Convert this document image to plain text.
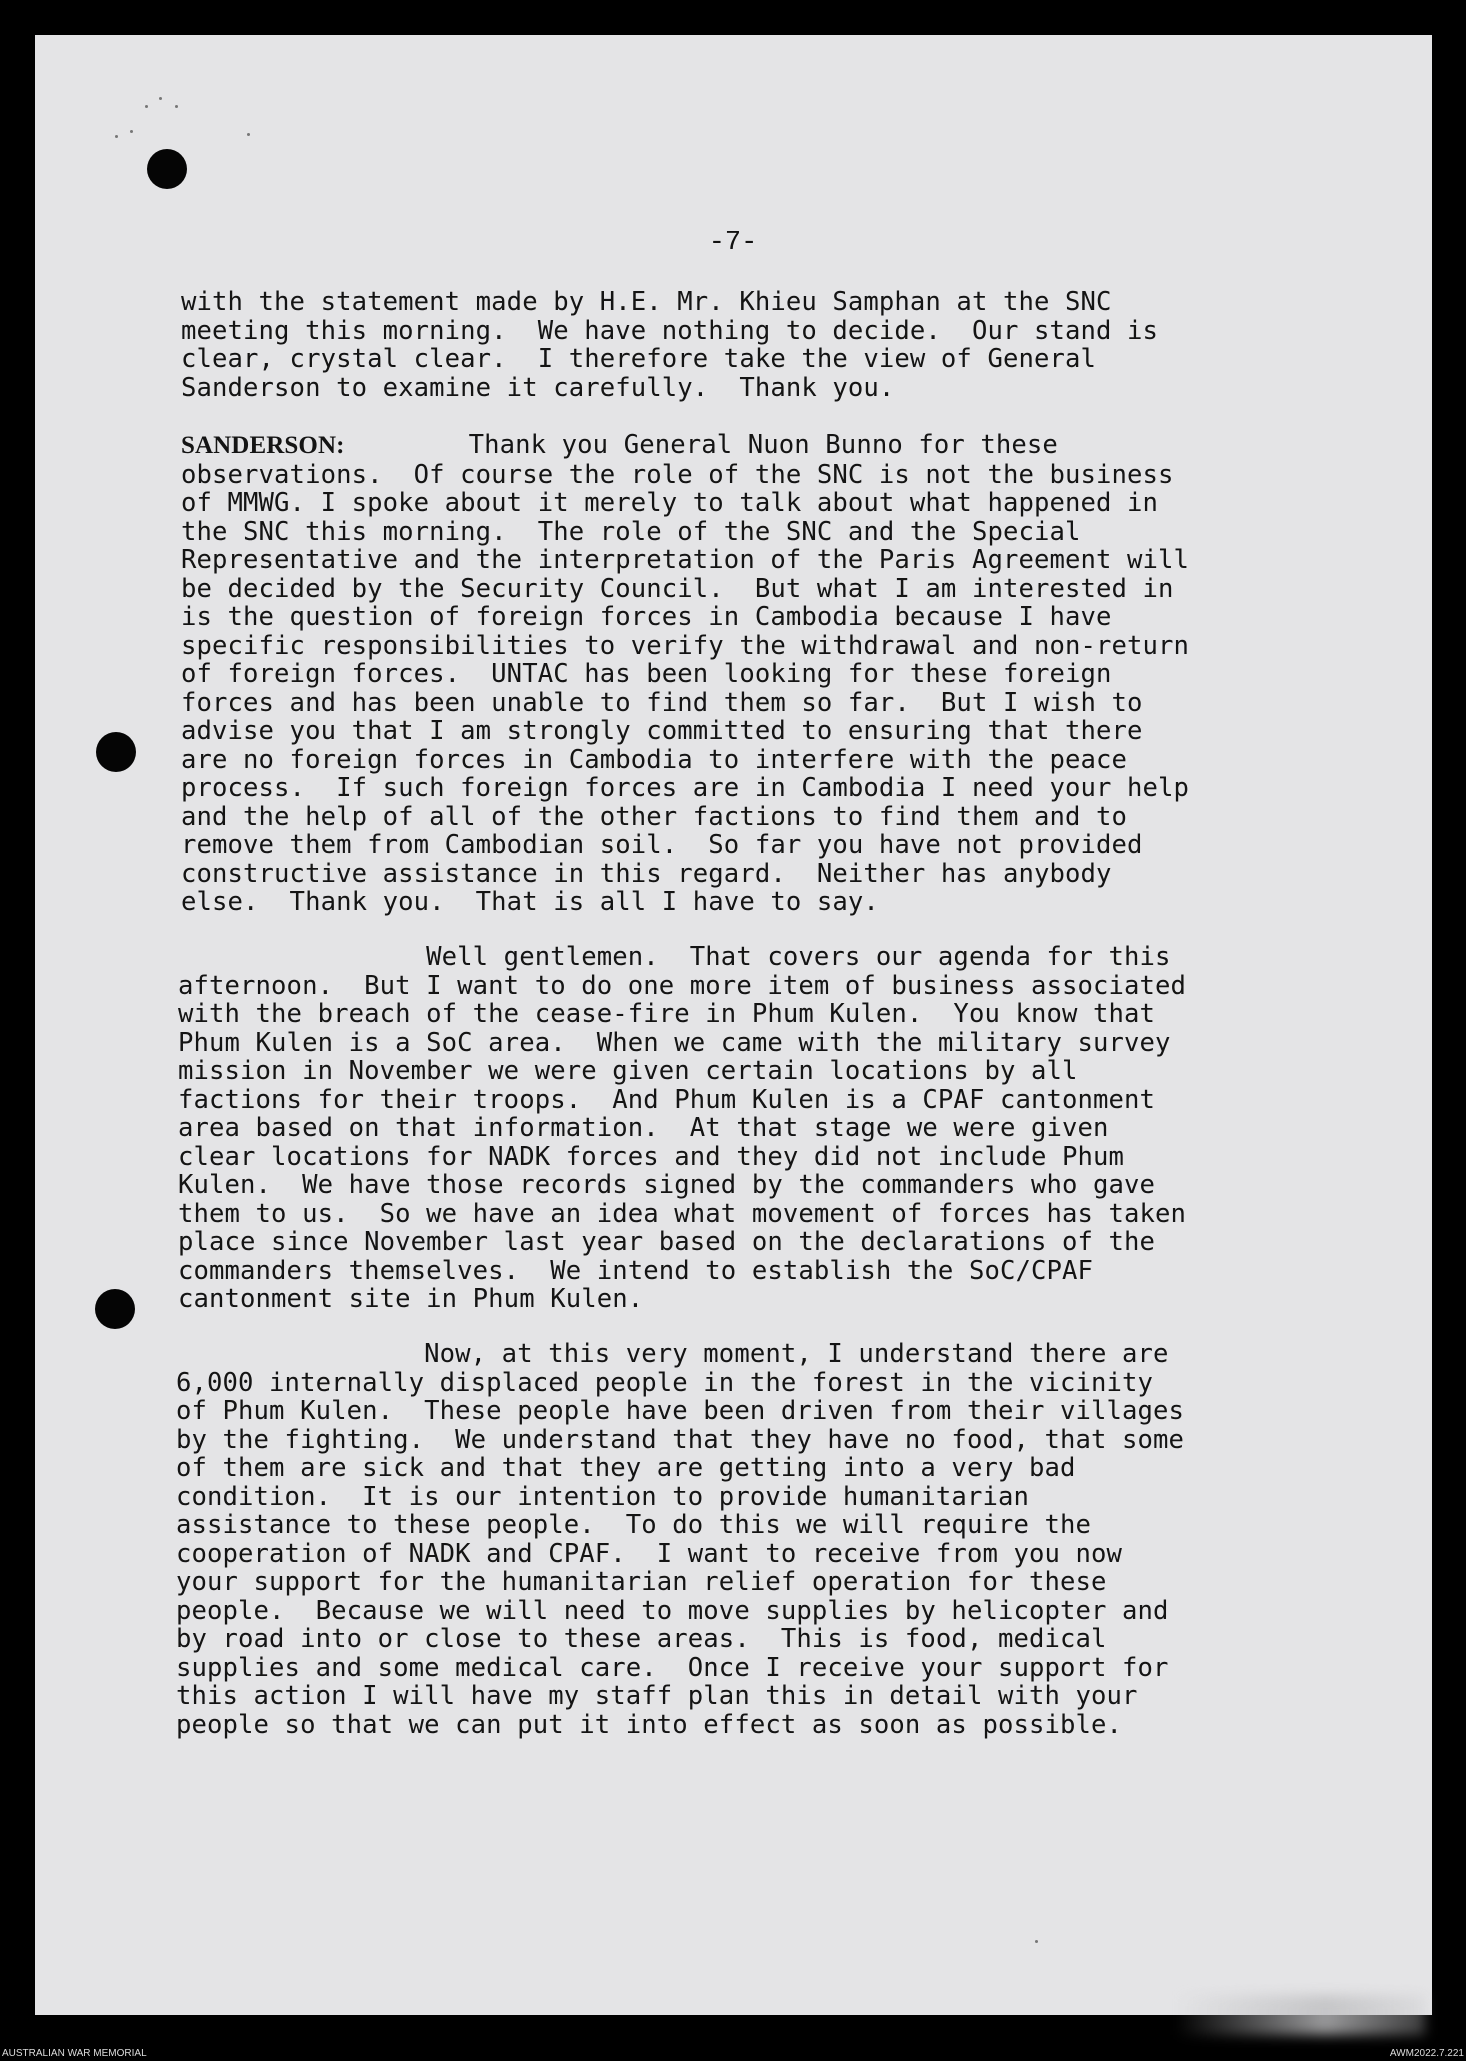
-7-
with the statement made by H.E. Mr. Khieu Samphan at the SNC
meeting this morning.  We have nothing to decide.  Our stand is
clear, crystal clear.  I therefore take the view of General
Sanderson to examine it carefully.  Thank you.
SANDERSON:	Thank you General Nuon Bunno for these
observations.  Of course the role of the SNC is not the business
of MMWG. I spoke about it merely to talk about what happened in
the SNC this morning.  The role of the SNC and the Special
Representative and the interpretation of the Paris Agreement will
be decided by the Security Council.  But what I am interested in
is the question of foreign forces in Cambodia because I have
specific responsibilities to verify the withdrawal and non-return
of foreign forces.  UNTAC has been looking for these foreign
forces and has been unable to find them so far.  But I wish to
advise you that I am strongly committed to ensuring that there
are no foreign forces in Cambodia to interfere with the peace
process.  If such foreign forces are in Cambodia I need your help
and the help of all of the other factions to find them and to
remove them from Cambodian soil.  So far you have not provided
constructive assistance in this regard.  Neither has anybody
else.  Thank you.  That is all I have to say.
Well gentlemen.  That covers our agenda for this
afternoon.  But I want to do one more item of business associated
with the breach of the cease-fire in Phum Kulen.  You know that
Phum Kulen is a SoC area.  When we came with the military survey
mission in November we were given certain locations by all
factions for their troops.  And Phum Kulen is a CPAF cantonment
area based on that information.  At that stage we were given
clear locations for NADK forces and they did not include Phum
Kulen.  We have those records signed by the commanders who gave
them to us.  So we have an idea what movement of forces has taken
place since November last year based on the declarations of the
commanders themselves.  We intend to establish the SoC/CPAF
cantonment site in Phum Kulen.
Now, at this very moment, I understand there are
6,000 internally displaced people in the forest in the vicinity
of Phum Kulen.  These people have been driven from their villages
by the fighting.  We understand that they have no food, that some
of them are sick and that they are getting into a very bad
condition.  It is our intention to provide humanitarian
assistance to these people.  To do this we will require the
cooperation of NADK and CPAF.  I want to receive from you now
your support for the humanitarian relief operation for these
people.  Because we will need to move supplies by helicopter and
by road into or close to these areas.  This is food, medical
supplies and some medical care.  Once I receive your support for
this action I will have my staff plan this in detail with your
people so that we can put it into effect as soon as possible.
AUSTRALIAN WAR MEMORIAL	AWM2022.7.221
